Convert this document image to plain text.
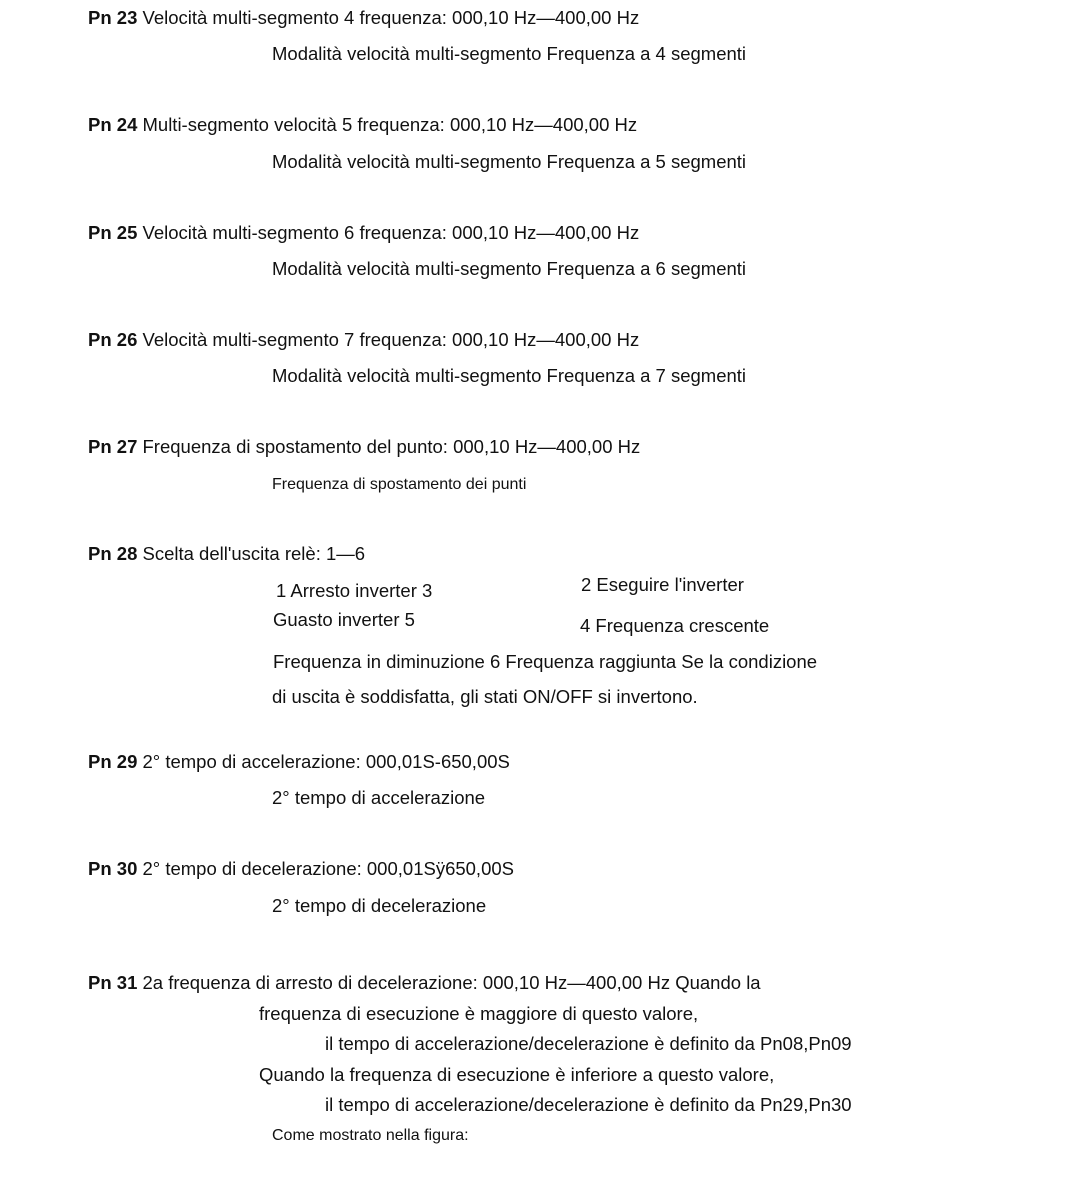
Pn 23 Velocità multi-segmento 4 frequenza: 000,10 Hz—400,00 Hz
Modalità velocità multi-segmento Frequenza a 4 segmenti
Pn 24 Multi-segmento velocità 5 frequenza: 000,10 Hz—400,00 Hz
Modalità velocità multi-segmento Frequenza a 5 segmenti
Pn 25 Velocità multi-segmento 6 frequenza: 000,10 Hz—400,00 Hz
Modalità velocità multi-segmento Frequenza a 6 segmenti
Pn 26 Velocità multi-segmento 7 frequenza: 000,10 Hz—400,00 Hz
Modalità velocità multi-segmento Frequenza a 7 segmenti
Pn 27 Frequenza di spostamento del punto: 000,10 Hz—400,00 Hz
Frequenza di spostamento dei punti
Pn 28 Scelta dell'uscita relè: 1—6
1 Arresto inverter 3	2 Eseguire l'inverter
Guasto inverter 5	4 Frequenza crescente
Frequenza in diminuzione 6 Frequenza raggiunta Se la condizione
di uscita è soddisfatta, gli stati ON/OFF si invertono.
Pn 29 2° tempo di accelerazione: 000,01S-650,00S
2° tempo di accelerazione
Pn 30 2° tempo di decelerazione: 000,01Sÿ650,00S
2° tempo di decelerazione
Pn 31 2a frequenza di arresto di decelerazione: 000,10 Hz—400,00 Hz Quando la
frequenza di esecuzione è maggiore di questo valore,
il tempo di accelerazione/decelerazione è definito da Pn08,Pn09
Quando la frequenza di esecuzione è inferiore a questo valore,
il tempo di accelerazione/decelerazione è definito da Pn29,Pn30
Come mostrato nella figura:
